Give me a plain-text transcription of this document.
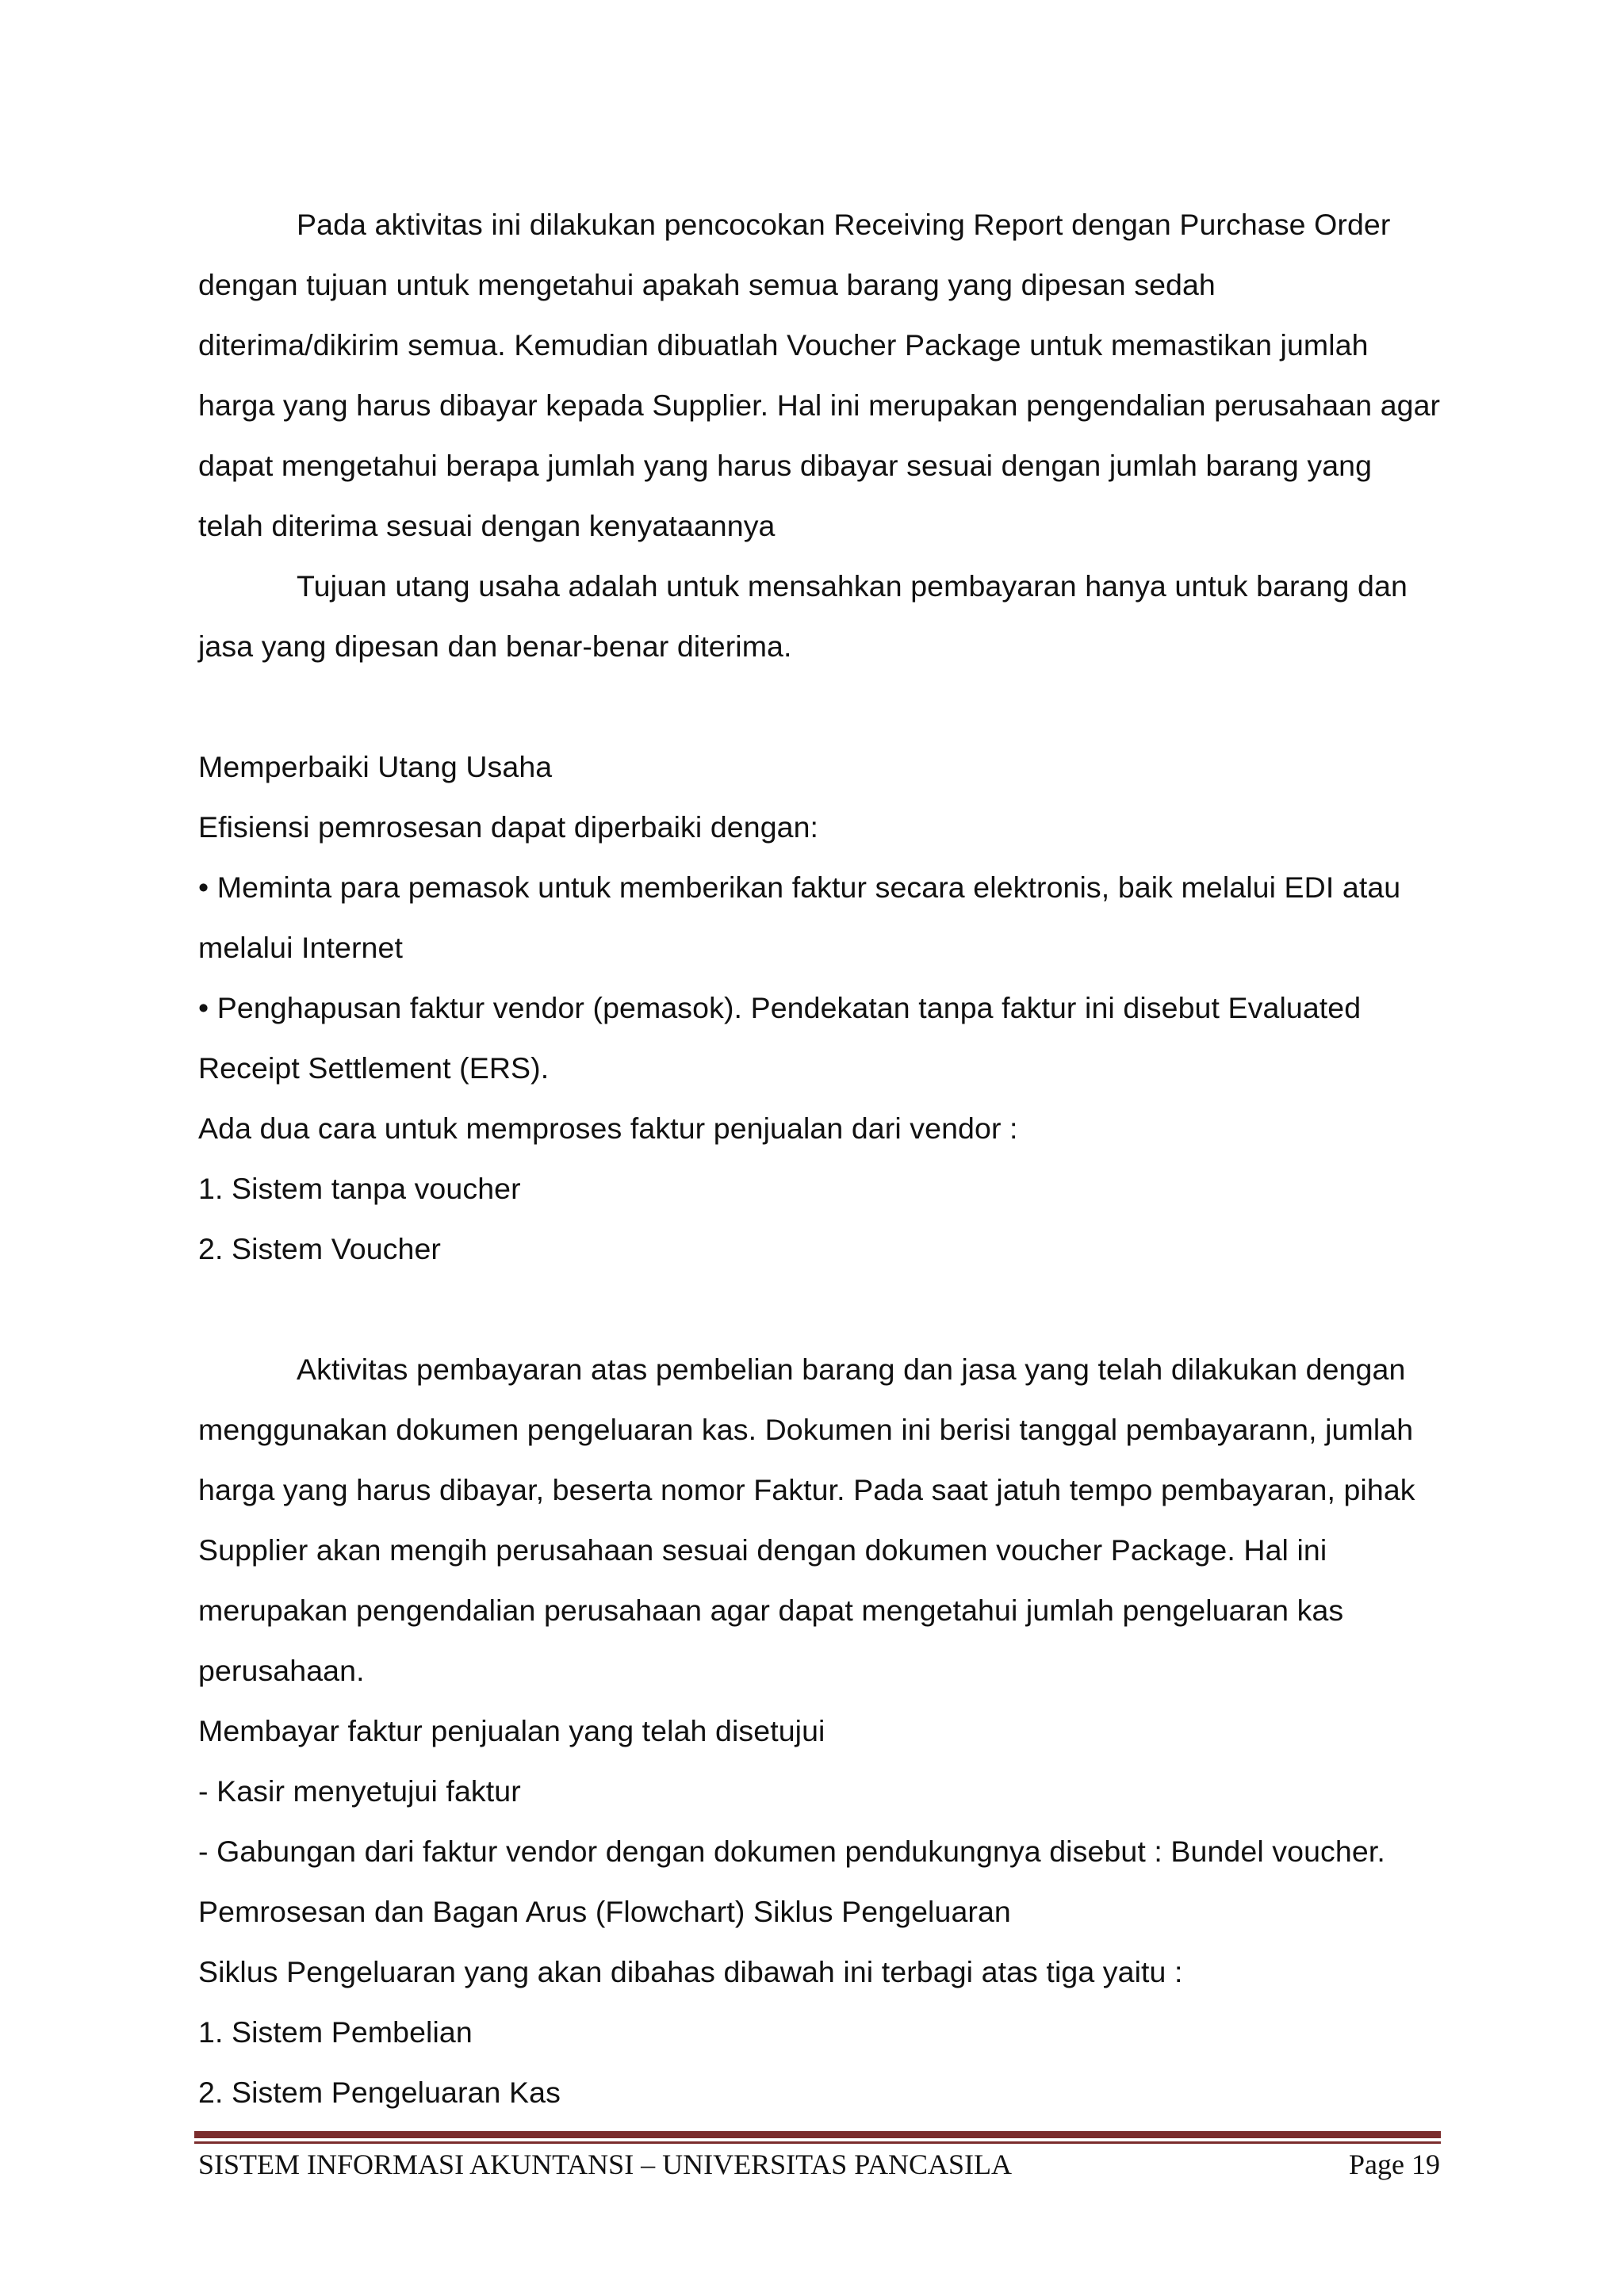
Pada aktivitas ini dilakukan pencocokan Receiving Report dengan Purchase Order
dengan tujuan untuk mengetahui apakah semua barang yang dipesan sedah
diterima/dikirim semua. Kemudian dibuatlah Voucher Package untuk memastikan jumlah
harga yang harus dibayar kepada Supplier. Hal ini merupakan pengendalian perusahaan agar
dapat mengetahui berapa jumlah yang harus dibayar sesuai dengan jumlah barang yang
telah diterima sesuai dengan kenyataannya
Tujuan utang usaha adalah untuk mensahkan pembayaran hanya untuk barang dan
jasa yang dipesan dan benar-benar diterima.
Memperbaiki Utang Usaha
Efisiensi pemrosesan dapat diperbaiki dengan:
• Meminta para pemasok untuk memberikan faktur secara elektronis, baik melalui EDI atau
melalui Internet
• Penghapusan faktur vendor (pemasok). Pendekatan tanpa faktur ini disebut Evaluated
Receipt Settlement (ERS).
Ada dua cara untuk memproses faktur penjualan dari vendor :
1. Sistem tanpa voucher
2. Sistem Voucher
Aktivitas pembayaran atas pembelian barang dan jasa yang telah dilakukan dengan
menggunakan dokumen pengeluaran kas. Dokumen ini berisi tanggal pembayarann, jumlah
harga yang harus dibayar, beserta nomor Faktur. Pada saat jatuh tempo pembayaran, pihak
Supplier akan mengih perusahaan sesuai dengan dokumen voucher Package. Hal ini
merupakan pengendalian perusahaan agar dapat mengetahui jumlah pengeluaran kas
perusahaan.
Membayar faktur penjualan yang telah disetujui
- Kasir menyetujui faktur
- Gabungan dari faktur vendor dengan dokumen pendukungnya disebut : Bundel voucher.
Pemrosesan dan Bagan Arus (Flowchart) Siklus Pengeluaran
Siklus Pengeluaran yang akan dibahas dibawah ini terbagi atas tiga yaitu :
1. Sistem Pembelian
2. Sistem Pengeluaran Kas
SISTEM INFORMASI AKUNTANSI – UNIVERSITAS PANCASILA	Page 19
